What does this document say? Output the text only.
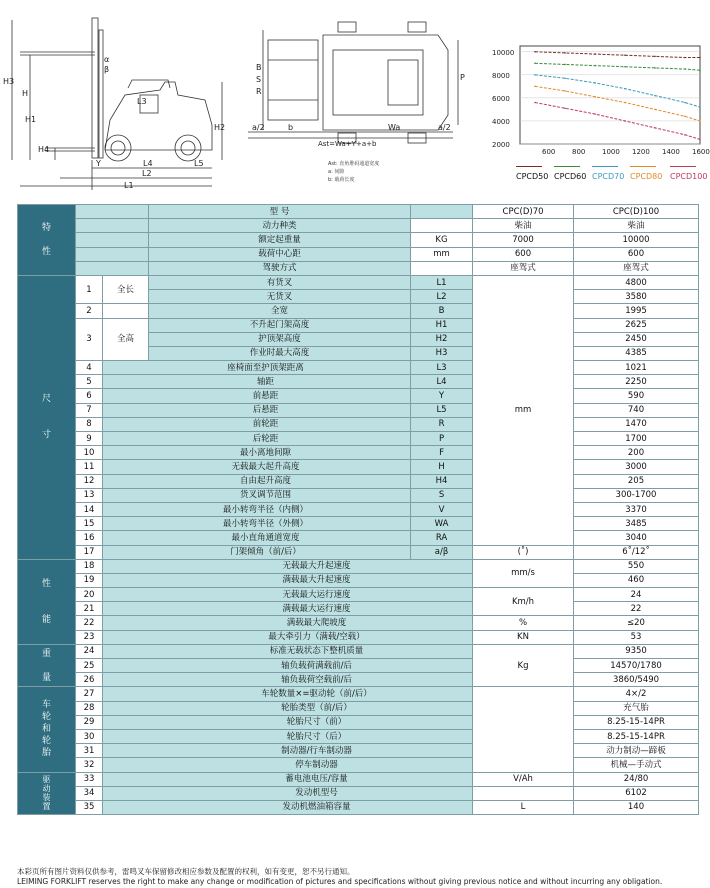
H3
H
H1
H4
Y	L4	L5
L2
L1
L3
H2
α
β	B
S
R
P
a/2	b	Wa	a/2
Ast=Wa+Y+a+b
Ast: 直角堆码通道宽度
a: 间隙
b: 载荷长度
10000
8000
6000
4000
2000
600 800 1000 1200 1400 1600
CPCD50 CPCD60 CPCD70 CPCD80 CPCD100
特

性			型 号		CPC(D)70	CPC(D)100	
			动力种类		柴油	柴油	
			额定起重量	KG	7000	10000	
			载荷中心距	mm	600	600	
			驾驶方式		座驾式	座驾式	
尺

寸	1	全长	有货叉	L1	mm	4800	
			无货叉	L2		3580	
	2		全宽	B		1995	
	3	全高	不升起门架高度	H1		2625	
			护顶架高度	H2		2450	
			作业时最大高度	H3		4385	
	4	座椅面至护顶架距离		L3		1021	
	5	轴距		L4		2250	
	6	前悬距		Y		590	
	7	后悬距		L5		740	
	8	前轮距		R		1470	
	9	后轮距		P		1700	
	10	最小离地间隙		F		200	
	11	无载最大起升高度		H		3000	
	12	自由起升高度		H4		205	
	13	货叉调节范围		S		300-1700	
	14	最小转弯半径（内侧）		V		3370	
	15	最小转弯半径（外侧）		WA		3485	
	16	最小直角通道宽度		RA		3040	
	17	门架倾角（前/后）		a/β	(˚)	6˚/12˚	
性

能	18	无载最大升起速度			mm/s	550	
	19	满载最大升起速度				460	
	20	无载最大运行速度			Km/h	24	
	21	满载最大运行速度				22	
	22	满载最大爬坡度			%	≤20	
	23	最大牵引力（满载/空载）			KN	53	
重

量	24	标准无载状态下整机质量			Kg	9350	
	25	轴负载荷满载前/后				14570/1780	
	26	轴负载荷空载前/后				3860/5490	
车
轮
和
轮
胎	27	车轮数量×=驱动轮（前/后）				4×/2	
	28	轮胎类型（前/后）				充气胎	
	29	轮胎尺寸（前）				8.25-15-14PR	
	30	轮胎尺寸（后）				8.25-15-14PR	
	31	制动器/行车制动器				动力制动—蹄板	
	32	停车制动器				机械—手动式	
驱
动
装
置	33	蓄电池电压/容量			V/Ah	24/80	
	34	发动机型号				6102	
	35	发动机燃油箱容量			L	140	
本彩页所有图片资料仅供参考，雷鸣叉车保留修改相应参数及配置的权利，如有变更，恕不另行通知。
LEIMING FORKLIFT reserves the right to make any change or modification of pictures and specifications without giving previous notice and without incurring any obligation.
